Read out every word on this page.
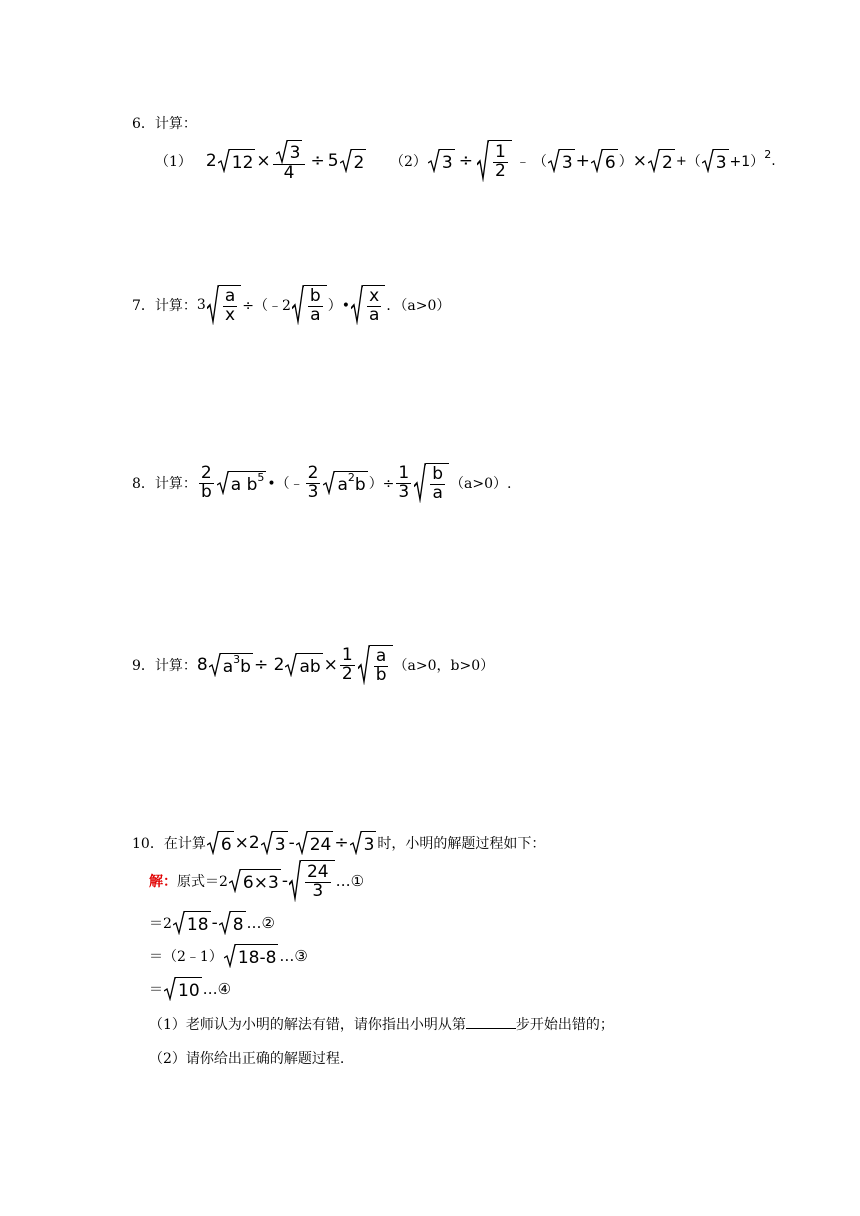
6．计算：
（1） 2 $12 \times \frac{3}{4} \div 5$ 2 （2） $3 \div \frac{1}{2}$ ﹣ （ 3 + 6 ） × 2 + （ 3 +1） 2 .
7． 计算： $3 \frac{a}{x}$ ÷（﹣2 $\frac{b}{a}$ ）• $\frac{x}{a}$ ．（a>0）
8． 计算： $\frac{2}{b}$ a b 5 •（﹣ $\frac{2}{3}$ a 2 b ）÷ $\frac{1}{3} \frac{b}{a} (a>0)$.
9． 计算： 8 a 3 b ÷ 2 ab × $\frac{1}{2} \frac{a}{b} (a>0$，b>0）
10． 在计算 6 × 2 3 - 24 ÷ 3 时，小明的解题过程如下：
解： 原式＝2 $6\times 3 - \frac{24}{3}$ …①
＝2 18 - 8 …②
＝（2﹣1） 18-8 …③
＝ 10 …④
（1）老师认为小明的解法有错，请你指出小明从第	步开始出错的；
（2）请你给出正确的解题过程.
